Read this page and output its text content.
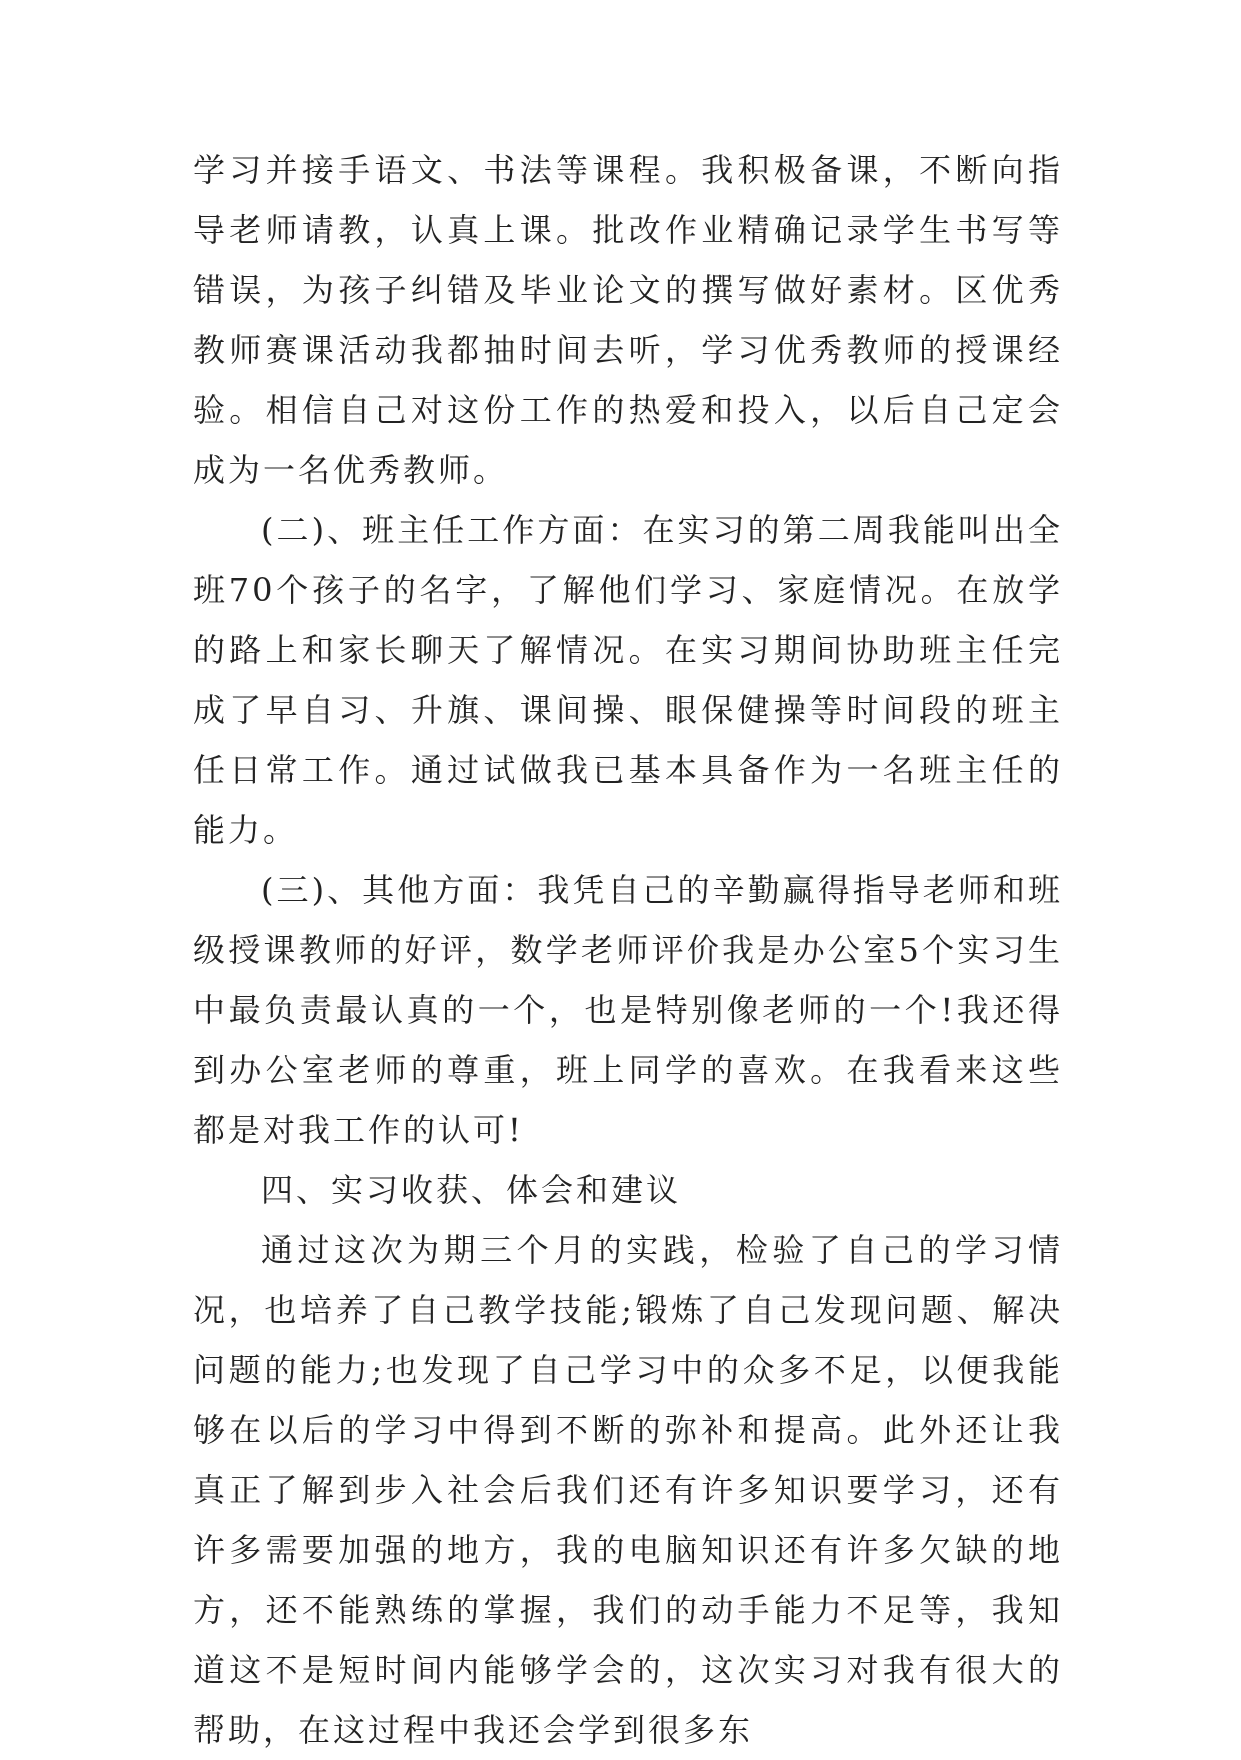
学习并接手语文、书法等课程。我积极备课，不断向指导老师请教，认真上课。批改作业精确记录学生书写等错误，为孩子纠错及毕业论文的撰写做好素材。区优秀教师赛课活动我都抽时间去听，学习优秀教师的授课经验。相信自己对这份工作的热爱和投入，以后自己定会成为一名优秀教师。

(二)、班主任工作方面：在实习的第二周我能叫出全班70个孩子的名字，了解他们学习、家庭情况。在放学的路上和家长聊天了解情况。在实习期间协助班主任完成了早自习、升旗、课间操、眼保健操等时间段的班主任日常工作。通过试做我已基本具备作为一名班主任的能力。

(三)、其他方面：我凭自己的辛勤赢得指导老师和班级授课教师的好评，数学老师评价我是办公室5个实习生中最负责最认真的一个，也是特别像老师的一个!我还得到办公室老师的尊重，班上同学的喜欢。在我看来这些都是对我工作的认可!

四、实习收获、体会和建议

通过这次为期三个月的实践，检验了自己的学习情况，也培养了自己教学技能;锻炼了自己发现问题、解决问题的能力;也发现了自己学习中的众多不足，以便我能够在以后的学习中得到不断的弥补和提高。此外还让我真正了解到步入社会后我们还有许多知识要学习，还有许多需要加强的地方，我的电脑知识还有许多欠缺的地方，还不能熟练的掌握，我们的动手能力不足等，我知道这不是短时间内能够学会的，这次实习对我有很大的帮助，在这过程中我还会学到很多东
